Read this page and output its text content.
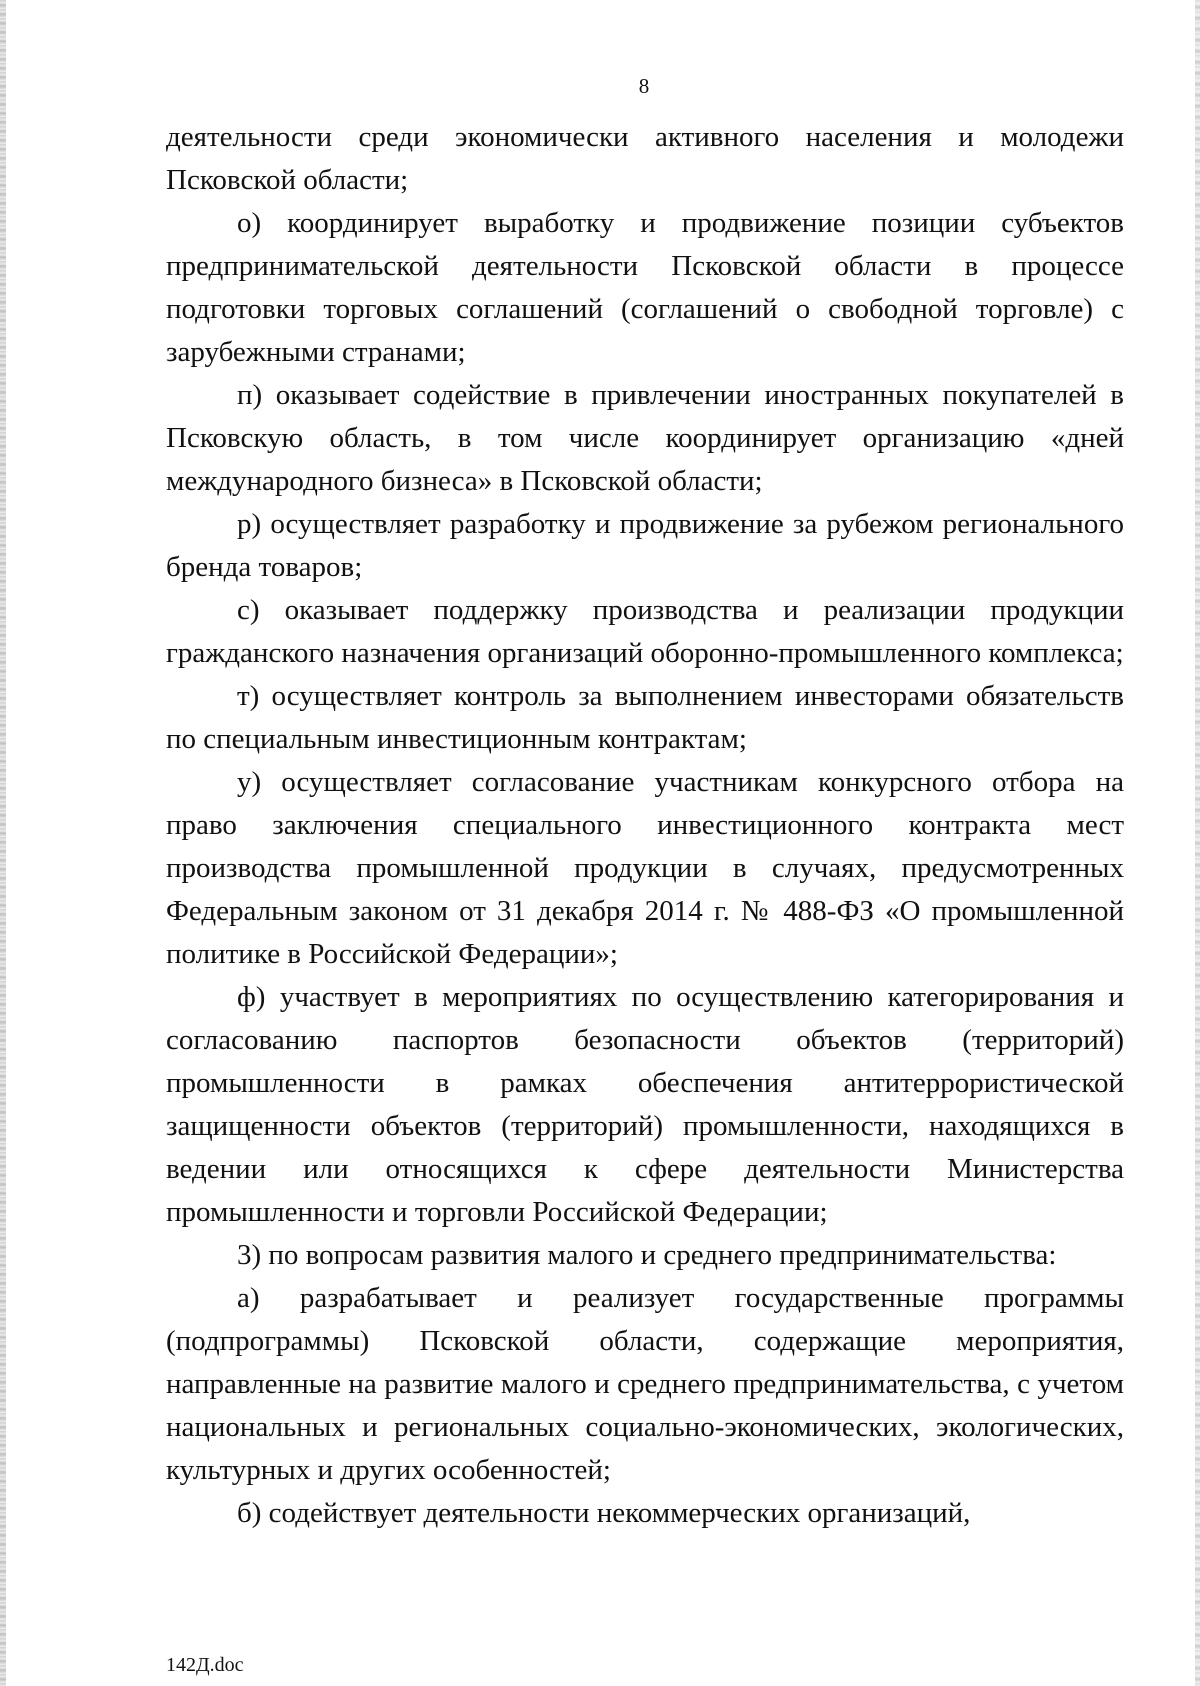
8

деятельности среди экономически активного населения и молодежи Псковской области;

о) координирует выработку и продвижение позиции субъектов предпринимательской деятельности Псковской области в процессе подготовки торговых соглашений (соглашений о свободной торговле) с зарубежными странами;

п) оказывает содействие в привлечении иностранных покупателей в Псковскую область, в том числе координирует организацию «дней международного бизнеса» в Псковской области;

р) осуществляет разработку и продвижение за рубежом регионального бренда товаров;

с) оказывает поддержку производства и реализации продукции гражданского назначения организаций оборонно-промышленного комплекса;

т) осуществляет контроль за выполнением инвесторами обязательств по специальным инвестиционным контрактам;

у) осуществляет согласование участникам конкурсного отбора на право заключения специального инвестиционного контракта мест производства промышленной продукции в случаях, предусмотренных Федеральным законом от 31 декабря 2014 г. № 488-ФЗ «О промышленной политике в Российской Федерации»;

ф) участвует в мероприятиях по осуществлению категорирования и согласованию паспортов безопасности объектов (территорий) промышленности в рамках обеспечения антитеррористической защищенности объектов (территорий) промышленности, находящихся в ведении или относящихся к сфере деятельности Министерства промышленности и торговли Российской Федерации;

3) по вопросам развития малого и среднего предпринимательства:

а) разрабатывает и реализует государственные программы (подпрограммы) Псковской области, содержащие мероприятия, направленные на развитие малого и среднего предпринимательства, с учетом национальных и региональных социально-экономических, экологических, культурных и других особенностей;

б) содействует деятельности некоммерческих организаций,

142Д.doc
